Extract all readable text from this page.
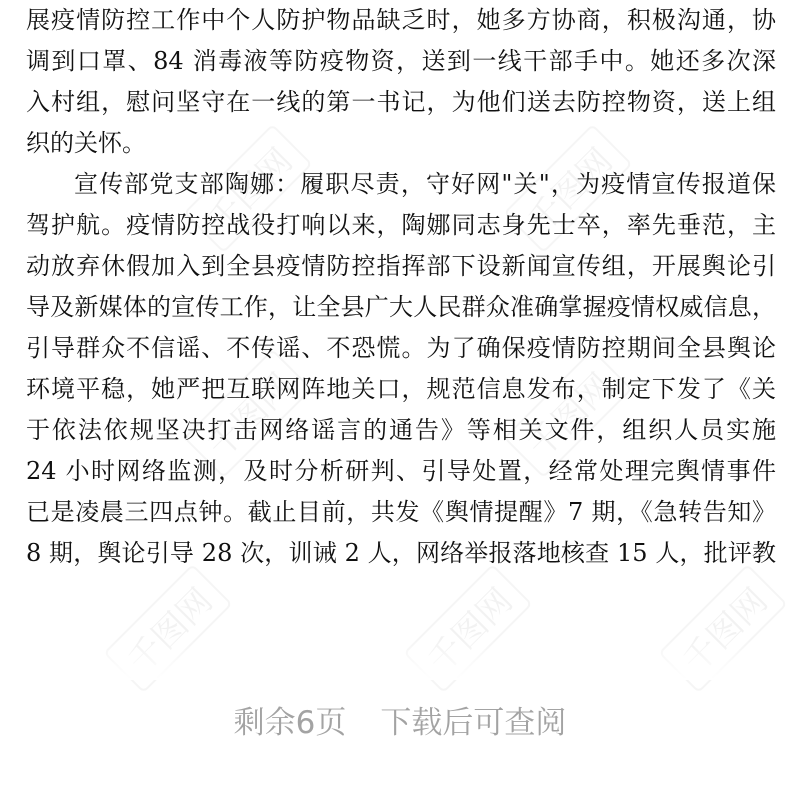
千图网	千图网
千图网	千图网
千图网	千图网	千图网
展疫情防控工作中个人防护物品缺乏时，她多方协商，积极沟通，协
调到口罩、84 消毒液等防疫物资，送到一线干部手中。她还多次深
入村组，慰问坚守在一线的第一书记，为他们送去防控物资，送上组
织的关怀。
宣传部党支部陶娜：履职尽责，守好网"关"，为疫情宣传报道保
驾护航。疫情防控战役打响以来，陶娜同志身先士卒，率先垂范，主
动放弃休假加入到全县疫情防控指挥部下设新闻宣传组，开展舆论引
导及新媒体的宣传工作，让全县广大人民群众准确掌握疫情权威信息，
引导群众不信谣、不传谣、不恐慌。为了确保疫情防控期间全县舆论
环境平稳，她严把互联网阵地关口，规范信息发布，制定下发了《关
于依法依规坚决打击网络谣言的通告》等相关文件，组织人员实施
24 小时网络监测，及时分析研判、引导处置，经常处理完舆情事件
已是凌晨三四点钟。截止目前，共发《舆情提醒》7 期，《急转告知》
8 期，舆论引导 28 次，训诫 2 人，网络举报落地核查 15 人，批评教
剩余6页 下载后可查阅
